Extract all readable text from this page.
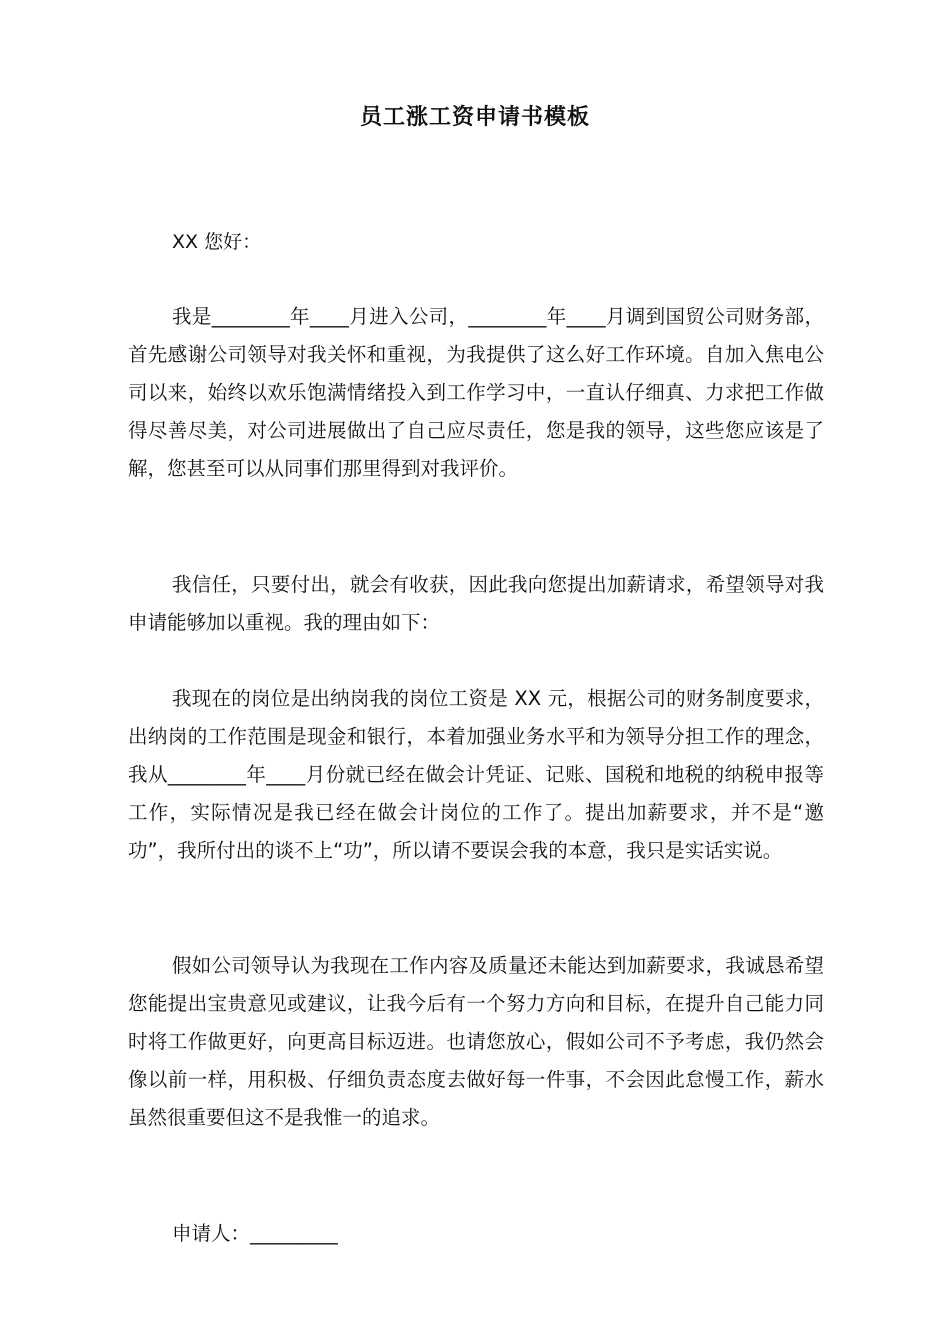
员工涨工资申请书模板
XX 您好：

我是________年____月进入公司，________年____月调到国贸公司财务部，首先感谢公司领导对我关怀和重视，为我提供了这么好工作环境。自加入焦电公司以来，始终以欢乐饱满情绪投入到工作学习中，一直认仔细真、力求把工作做得尽善尽美，对公司进展做出了自己应尽责任，您是我的领导，这些您应该是了解，您甚至可以从同事们那里得到对我评价。

我信任，只要付出，就会有收获，因此我向您提出加薪请求，希望领导对我申请能够加以重视。我的理由如下：

我现在的岗位是出纳岗我的岗位工资是 XX 元，根据公司的财务制度要求，出纳岗的工作范围是现金和银行，本着加强业务水平和为领导分担工作的理念，我从________年____月份就已经在做会计凭证、记账、国税和地税的纳税申报等工作，实际情况是我已经在做会计岗位的工作了。提出加薪要求，并不是“邀功”，我所付出的谈不上“功”，所以请不要误会我的本意，我只是实话实说。

假如公司领导认为我现在工作内容及质量还未能达到加薪要求，我诚恳希望您能提出宝贵意见或建议，让我今后有一个努力方向和目标，在提升自己能力同时将工作做更好，向更高目标迈进。也请您放心，假如公司不予考虑，我仍然会像以前一样，用积极、仔细负责态度去做好每一件事，不会因此怠慢工作，薪水虽然很重要但这不是我惟一的追求。

申请人：_________
